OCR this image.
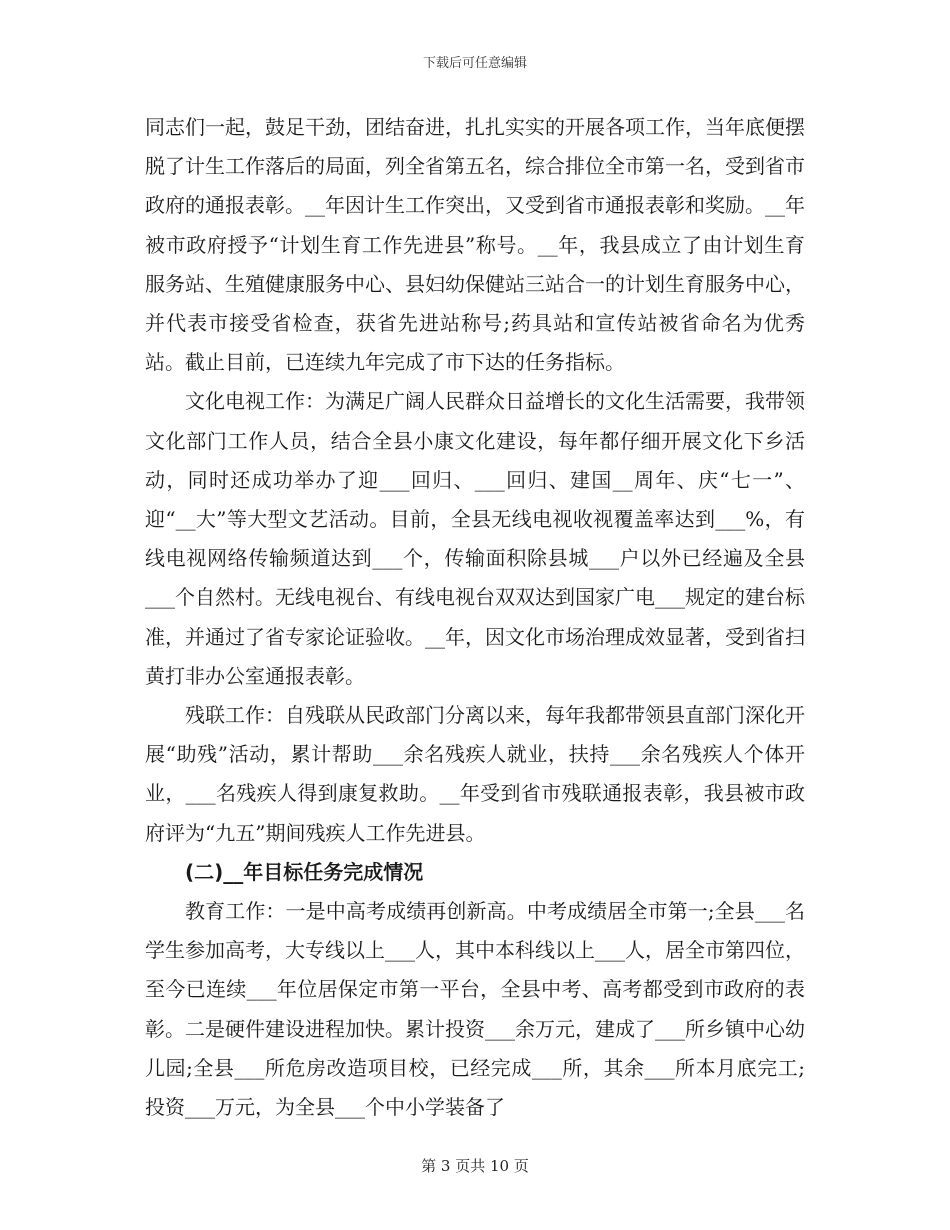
下载后可任意编辑

同志们一起，鼓足干劲，团结奋进，扎扎实实的开展各项工作，当年底便摆脱了计生工作落后的局面，列全省第五名，综合排位全市第一名，受到省市政府的通报表彰。__年因计生工作突出，又受到省市通报表彰和奖励。__年被市政府授予“计划生育工作先进县”称号。__年，我县成立了由计划生育服务站、生殖健康服务中心、县妇幼保健站三站合一的计划生育服务中心，并代表市接受省检查，获省先进站称号;药具站和宣传站被省命名为优秀站。截止目前，已连续九年完成了市下达的任务指标。

文化电视工作：为满足广阔人民群众日益增长的文化生活需要，我带领文化部门工作人员，结合全县小康文化建设，每年都仔细开展文化下乡活动，同时还成功举办了迎___回归、___回归、建国__周年、庆“七一”、迎“__大”等大型文艺活动。目前，全县无线电视收视覆盖率达到___%，有线电视网络传输频道达到___个，传输面积除县城___户以外已经遍及全县___个自然村。无线电视台、有线电视台双双达到国家广电___规定的建台标准，并通过了省专家论证验收。__年，因文化市场治理成效显著，受到省扫黄打非办公室通报表彰。

残联工作：自残联从民政部门分离以来，每年我都带领县直部门深化开展“助残”活动，累计帮助___余名残疾人就业，扶持___余名残疾人个体开业，___名残疾人得到康复救助。__年受到省市残联通报表彰，我县被市政府评为“九五”期间残疾人工作先进县。

(二)__年目标任务完成情况

教育工作：一是中高考成绩再创新高。中考成绩居全市第一;全县___名学生参加高考，大专线以上___人，其中本科线以上___人，居全市第四位，至今已连续___年位居保定市第一平台，全县中考、高考都受到市政府的表彰。二是硬件建设进程加快。累计投资___余万元，建成了___所乡镇中心幼儿园;全县___所危房改造项目校，已经完成___所，其余___所本月底完工;投资___万元，为全县___个中小学装备了

第 3 页共 10 页
